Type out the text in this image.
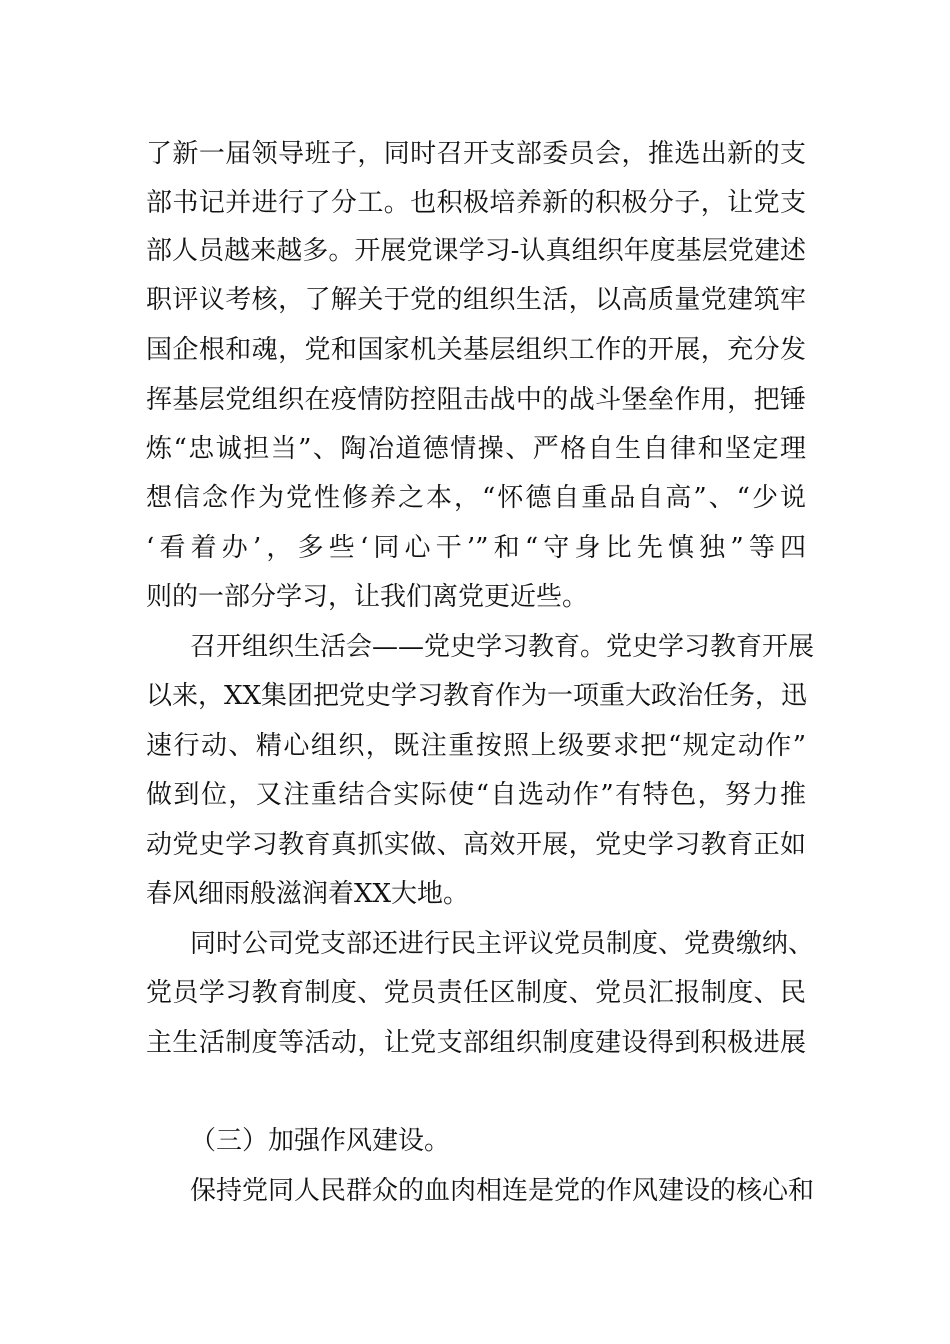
了新一届领导班子，同时召开支部委员会，推选出新的支
部书记并进行了分工。也积极培养新的积极分子，让党支
部人员越来越多。开展党课学习-认真组织年度基层党建述
职评议考核，了解关于党的组织生活，以高质量党建筑牢
国企根和魂，党和国家机关基层组织工作的开展，充分发
挥基层党组织在疫情防控阻击战中的战斗堡垒作用，把锤
炼“忠诚担当”、陶冶道德情操、严格自生自律和坚定理
想信念作为党性修养之本，“怀德自重品自高”、“少说
‘看着办’，多些‘同心干’”和“守身比先慎独”等四
则的一部分学习，让我们离党更近些。
召开组织生活会——党史学习教育。党史学习教育开展
以来，XX集团把党史学习教育作为一项重大政治任务，迅
速行动、精心组织，既注重按照上级要求把“规定动作”
做到位，又注重结合实际使“自选动作”有特色，努力推
动党史学习教育真抓实做、高效开展，党史学习教育正如
春风细雨般滋润着XX大地。
同时公司党支部还进行民主评议党员制度、党费缴纳、
党员学习教育制度、党员责任区制度、党员汇报制度、民
主生活制度等活动，让党支部组织制度建设得到积极进展
（三）加强作风建设。
保持党同人民群众的血肉相连是党的作风建设的核心和
